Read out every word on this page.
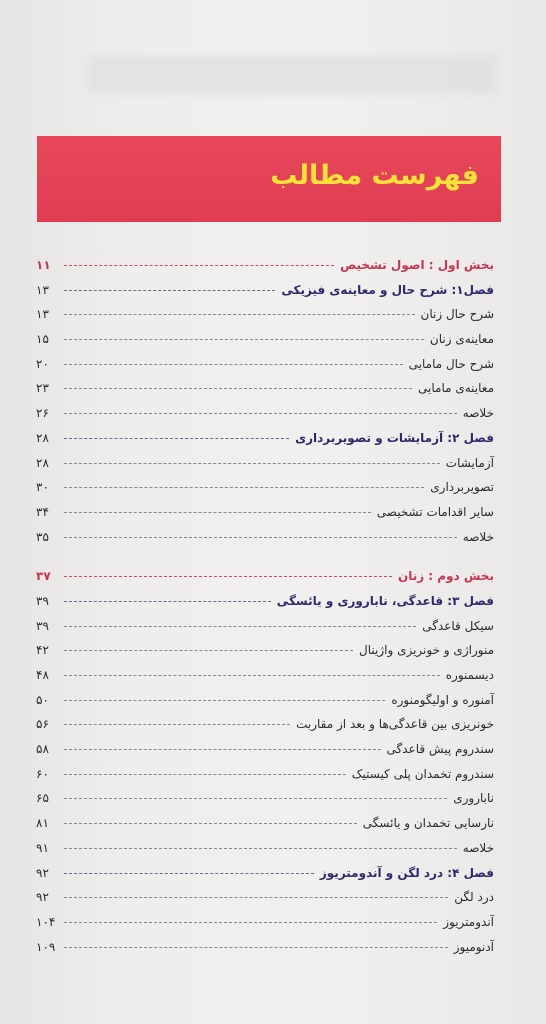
فهرست مطالب
بخش اول : اصول تشخیص
۱۱
فصل۱: شرح حال و معاینه‌ی فیزیکی
۱۳
شرح حال زنان
۱۳
معاینه‌ی زنان
۱۵
شرح حال مامایی
۲۰
معاینه‌ی مامایی
۲۳
خلاصه
۲۶
فصل ۲: آزمایشات و تصویربرداری
۲۸
آزمایشات
۲۸
تصویربرداری
۳۰
سایر اقدامات تشخیصی
۳۴
خلاصه
۳۵
بخش دوم : زنان
۳۷
فصل ۳: قاعدگی، ناباروری و یائسگی
۳۹
سیکل قاعدگی
۳۹
منوراژی و خونریزی واژینال
۴۲
دیسمنوره
۴۸
آمنوره و اولیگومنوره
۵۰
خونریزی بین قاعدگی‌ها و بعد از مقاربت
۵۶
سندروم پیش قاعدگی
۵۸
سندروم تخمدان پلی کیستیک
۶۰
ناباروری
۶۵
نارسایی تخمدان و یائسگی
۸۱
خلاصه
۹۱
فصل ۴: درد لگن و آندومتریوز
۹۲
درد لگن
۹۲
آندومتریوز
۱۰۴
آدنومیوز
۱۰۹
